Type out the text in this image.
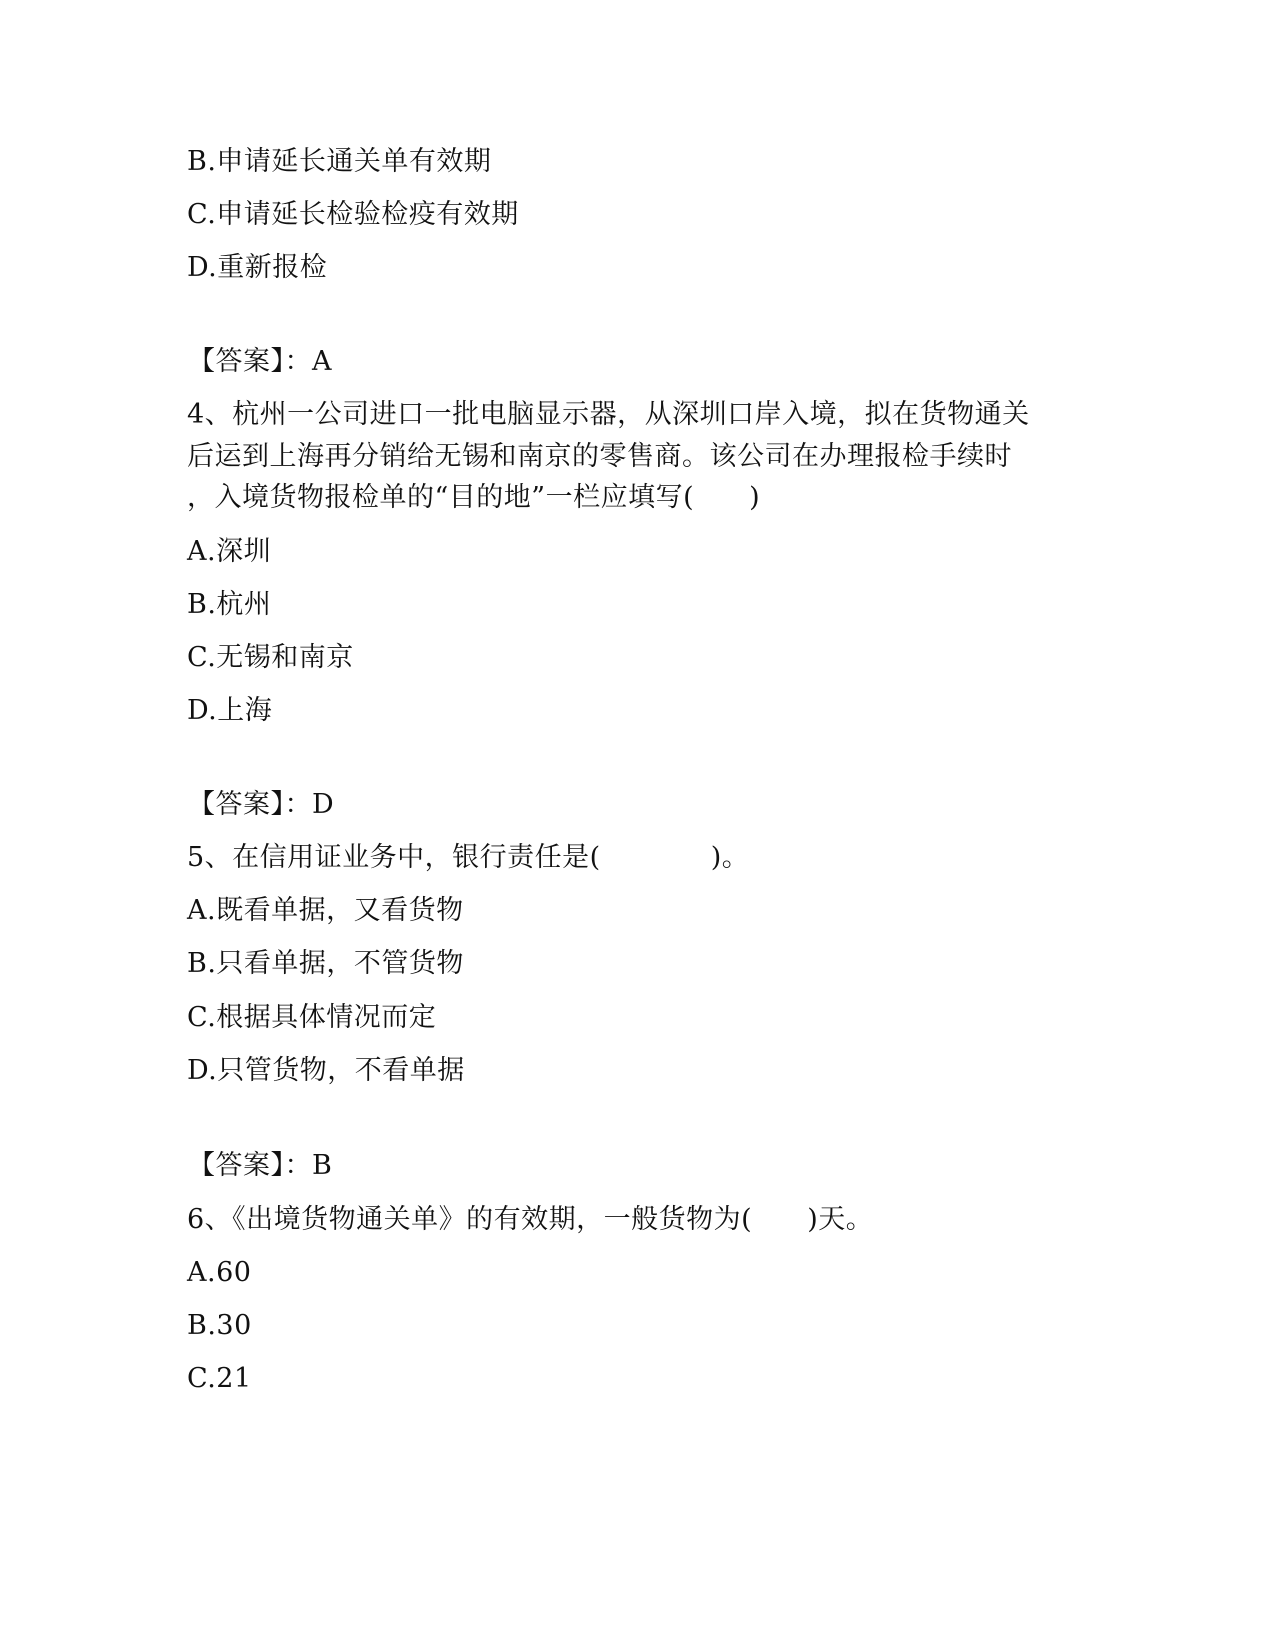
B.申请延长通关单有效期
C.申请延长检验检疫有效期
D.重新报检
【答案】：A
4、杭州一公司进口一批电脑显示器，从深圳口岸入境，拟在货物通关
后运到上海再分销给无锡和南京的零售商。该公司在办理报检手续时
，入境货物报检单的“目的地”一栏应填写(　　)
A.深圳
B.杭州
C.无锡和南京
D.上海
【答案】：D
5、在信用证业务中，银行责任是(　　　　)。
A.既看单据，又看货物
B.只看单据，不管货物
C.根据具体情况而定
D.只管货物，不看单据
【答案】：B
6、《出境货物通关单》的有效期，一般货物为(　　)天。
A.60
B.30
C.21
